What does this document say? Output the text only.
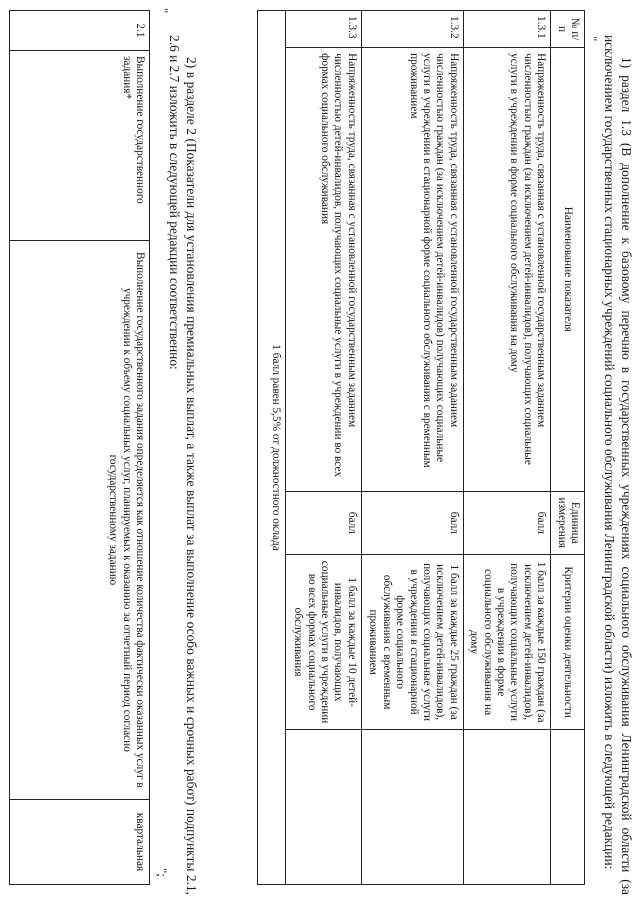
1) раздел 1.3 (В дополнение к базовому перечню в государственных учреждениях социального обслуживания Ленинградской области (за исключением государственных стационарных учреждений социального обслуживания Ленинградской области) изложить в следующей редакции:

"
№ п/п	Наименование показателя	Единица измерения	Критерии оценки деятельности	
1.3.1	Напряженность труда, связанная с установленной государственным заданием численностью граждан (за исключением детей-инвалидов), получающих социальные услуги в учреждении в форме социального обслуживания на дому	балл	1 балл за каждые 150 граждан (за исключением детей-инвалидов), получающих социальные услуги в учреждении в форме социального обслуживания на дому	
1.3.2	Напряженность труда, связанная с установленной государственным заданием численностью граждан (за исключением детей-инвалидов) получающих социальные услуги в учреждении в стационарной форме социального обслуживания с временным проживанием	балл	1 балл за каждые 25 граждан (за исключением детей-инвалидов), получающих социальные услуги в учреждении в стационарной форме социального обслуживания с временным проживанием	
1.3.3	Напряженность труда, связанная с установленной государственным заданием численностью детей-инвалидов, получающих социальные услуги в учреждении во всех формах социального обслуживания	балл	1 балл за каждые 10 детей-инвалидов, получающих социальные услуги в учреждении во всех формах социального обслуживания	
1 балл равен 5,5% от должностного оклада				
";	2) в разделе 2 (Показатели для установления премиальных выплат, а также выплат за выполнение особо важных и срочных работ) подпункты 2.1, 2.6 и 2.7 изложить в следующей редакции соответственно:

"
2.1	Выполнение государственного задания*	Выполнение государственного задания определяется как отношение количества фактически оказанных услуг в учреждении к объему социальных услуг, планируемых к оказанию за отчетный период согласно государственному заданию	квартальная
